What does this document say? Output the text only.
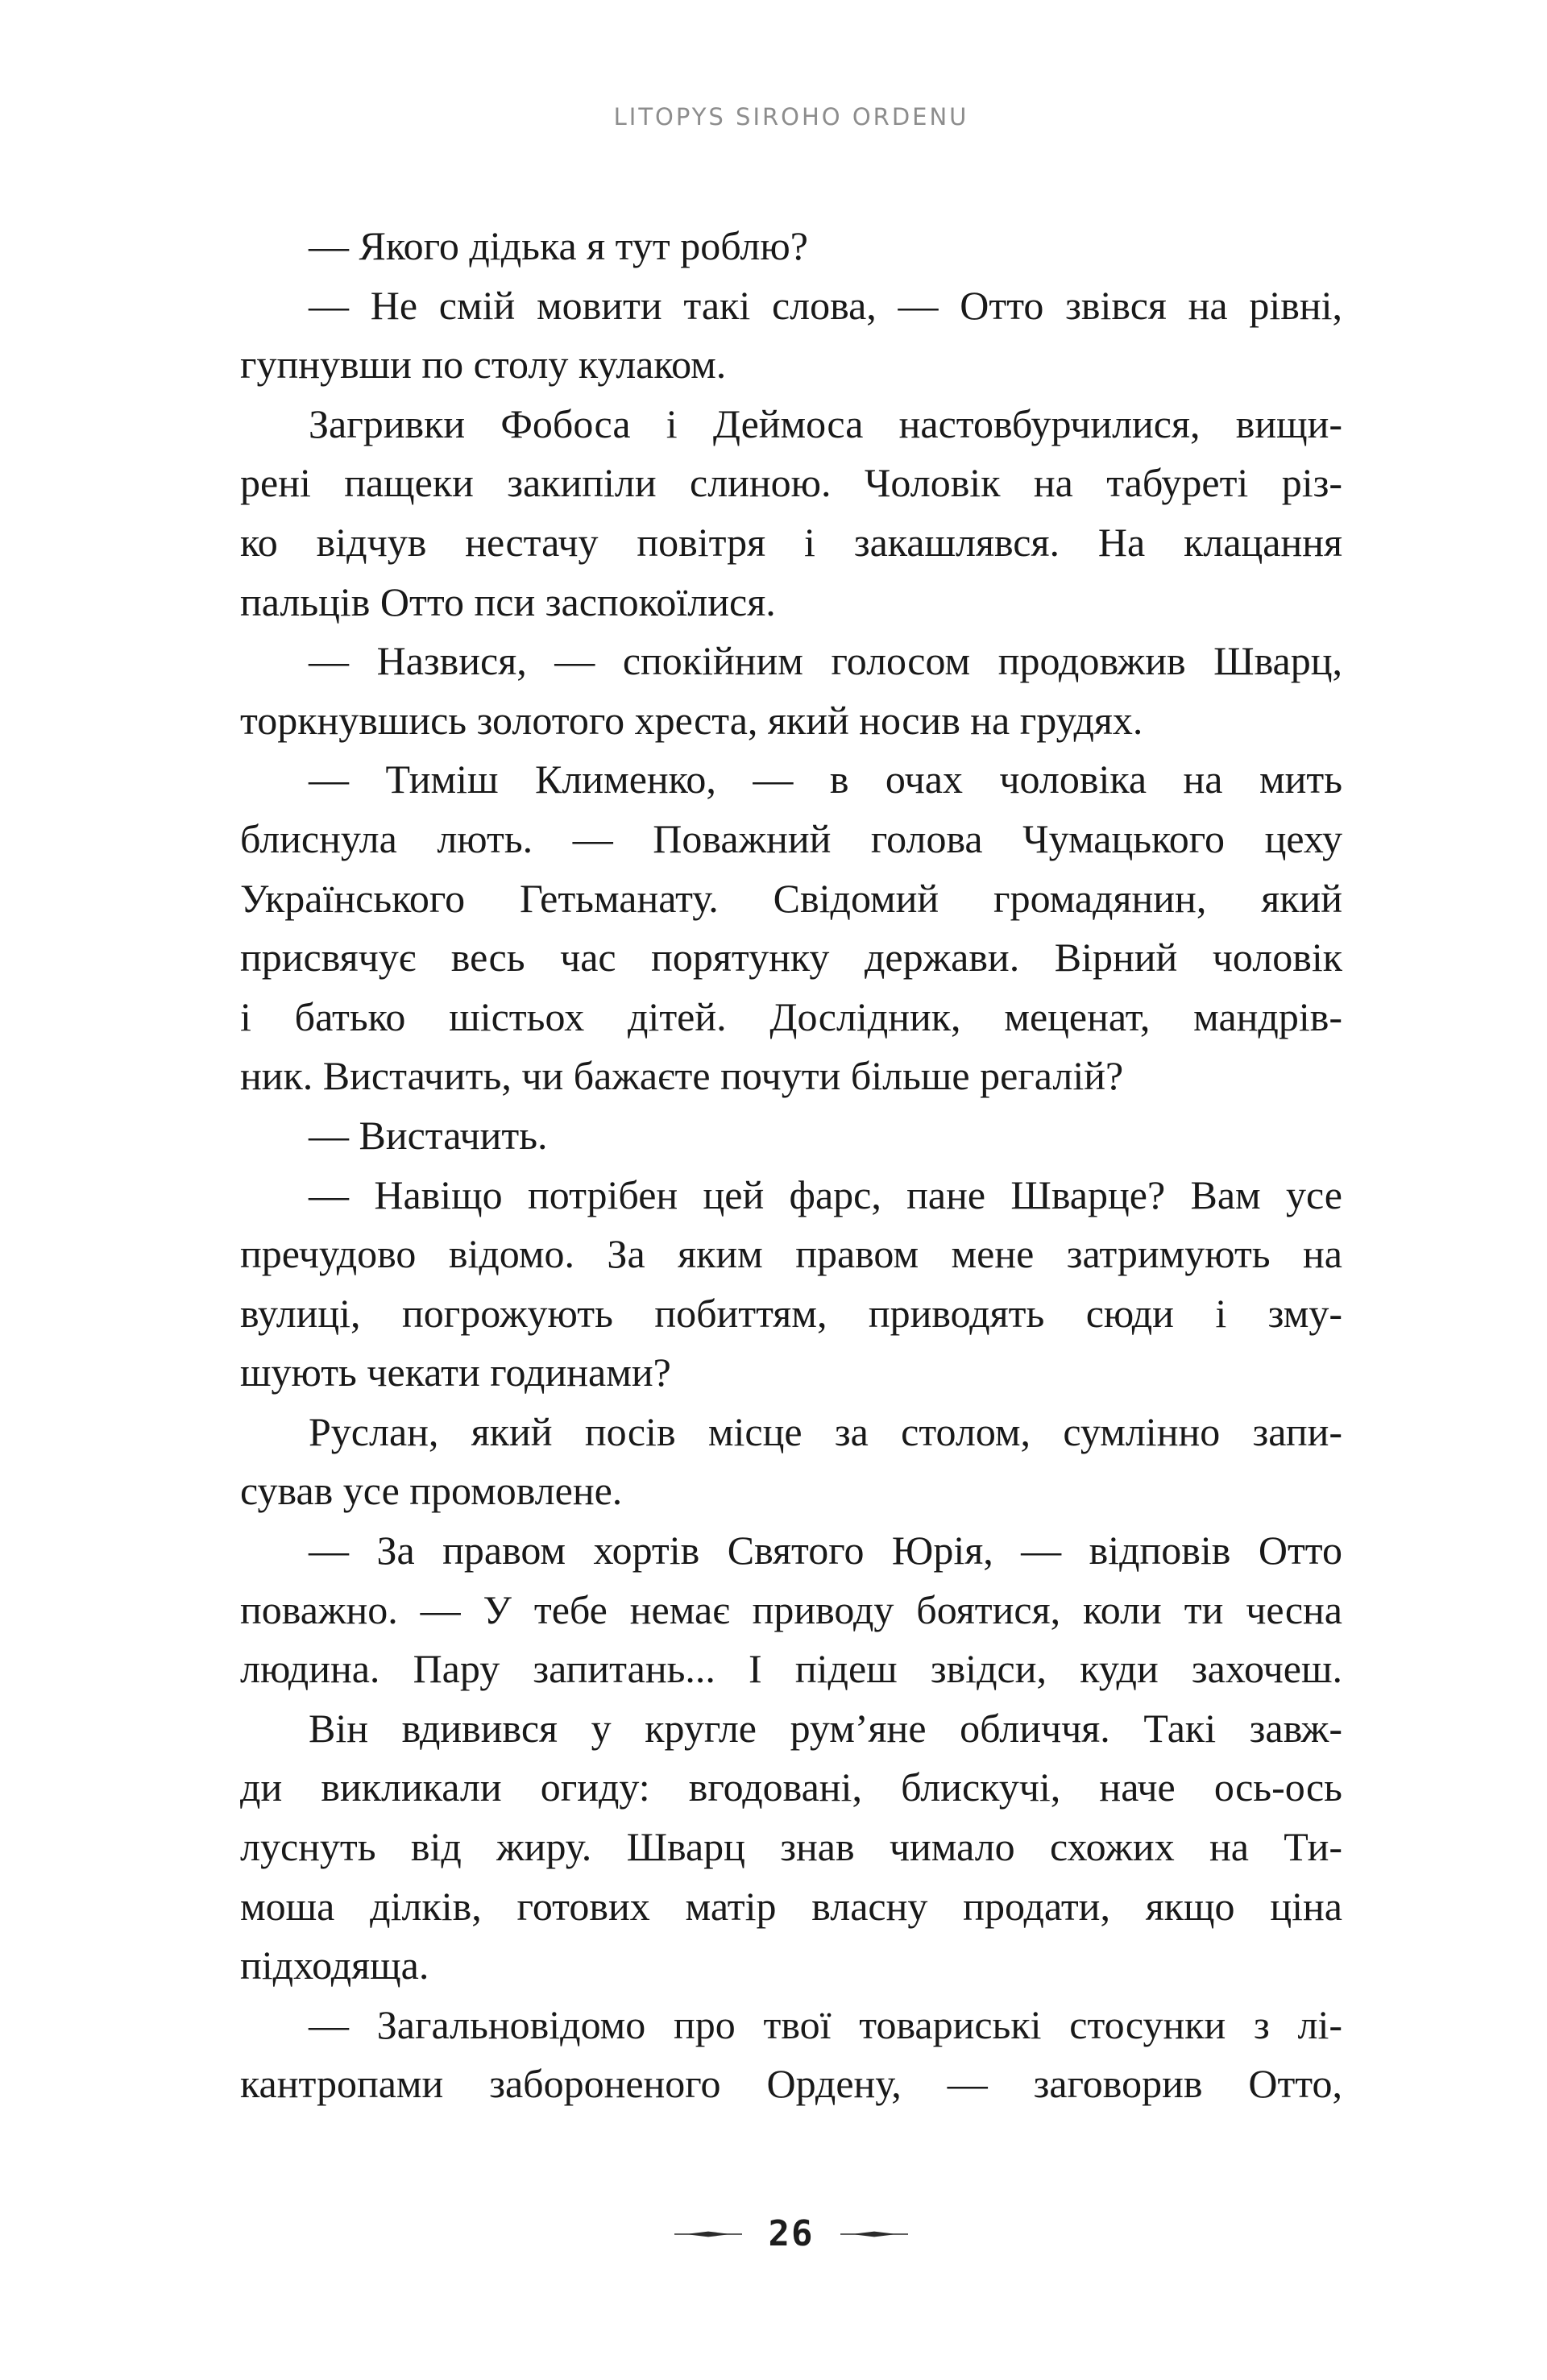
LITOPYS SIROHO ORDENU

— Якого дідька я тут роблю?

— Не смій мовити такі слова, — Отто звівся на рівні,
гупнувши по столу кулаком.

Загривки Фобоса і Деймоса настовбурчилися, вищи-
рені пащеки закипіли слиною. Чоловік на табуреті різ-
ко відчув нестачу повітря і закашлявся. На клацання
пальців Отто пси заспокоїлися.

— Назвися, — спокійним голосом продовжив Шварц,
торкнувшись золотого хреста, який носив на грудях.

— Тиміш Клименко, — в очах чоловіка на мить
блиснула лють. — Поважний голова Чумацького цеху
Українського Гетьманату. Свідомий громадянин, який
присвячує весь час порятунку держави. Вірний чоловік
і батько шістьох дітей. Дослідник, меценат, мандрів-
ник. Вистачить, чи бажаєте почути більше регалій?

— Вистачить.

— Навіщо потрібен цей фарс, пане Шварце? Вам усе
пречудово відомо. За яким правом мене затримують на
вулиці, погрожують побиттям, приводять сюди і зму-
шують чекати годинами?

Руслан, який посів місце за столом, сумлінно запи-
сував усе промовлене.

— За правом хортів Святого Юрія, — відповів Отто
поважно. — У тебе немає приводу боятися, коли ти чесна
людина. Пару запитань... І підеш звідси, куди захочеш.

Він вдивився у кругле рум’яне обличчя. Такі завж-
ди викликали огиду: вгодовані, блискучі, наче ось-ось
луснуть від жиру. Шварц знав чимало схожих на Ти-
моша ділків, готових матір власну продати, якщо ціна
підходяща.

— Загальновідомо про твої товариські стосунки з лі-
кантропами забороненого Ордену, — заговорив Отто,

26
